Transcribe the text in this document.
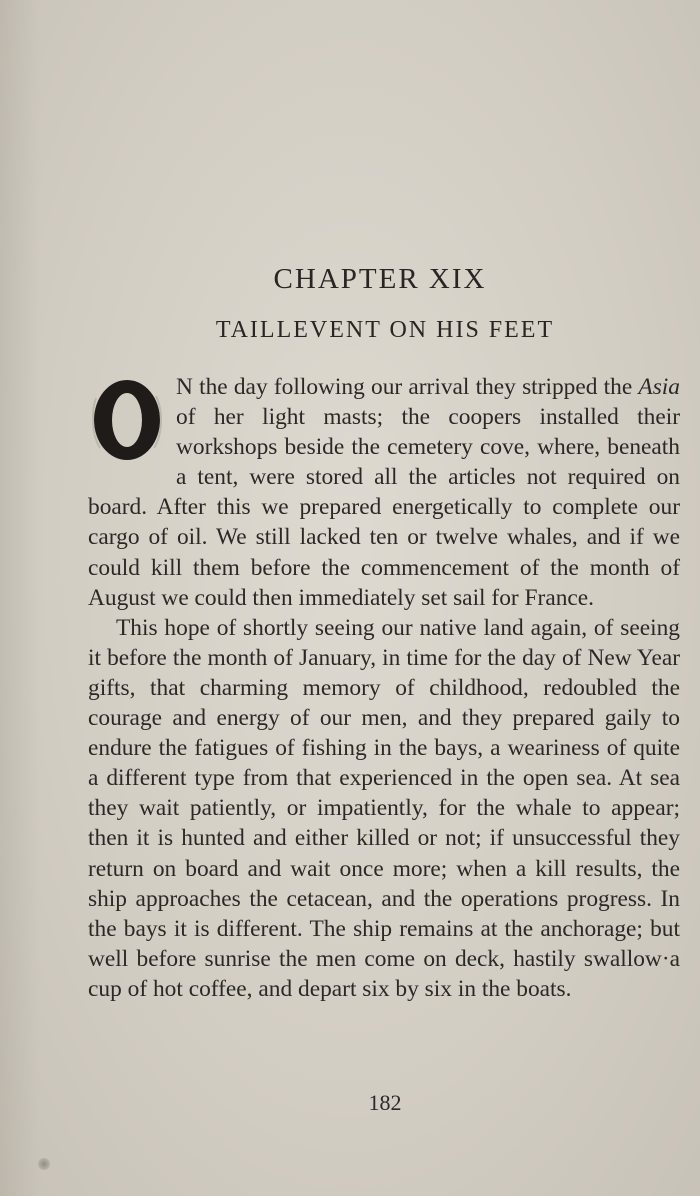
CHAPTER XIX
TAILLEVENT ON HIS FEET

N the day following our arrival they stripped the Asia of her light masts; the coopers installed their workshops beside the cemetery cove, where, beneath a tent, were stored all the articles not required on board. After this we prepared energetically to complete our cargo of oil. We still lacked ten or twelve whales, and if we could kill them before the commencement of the month of August we could then immediately set sail for France.

This hope of shortly seeing our native land again, of seeing it before the month of January, in time for the day of New Year gifts, that charming memory of childhood, redoubled the courage and energy of our men, and they prepared gaily to endure the fatigues of fishing in the bays, a weariness of quite a different type from that experienced in the open sea. At sea they wait patiently, or impatiently, for the whale to appear; then it is hunted and either killed or not; if unsuccessful they return on board and wait once more; when a kill results, the ship approaches the cetacean, and the operations progress. In the bays it is different. The ship remains at the anchorage; but well before sunrise the men come on deck, hastily swallow·a cup of hot coffee, and depart six by six in the boats.

182
